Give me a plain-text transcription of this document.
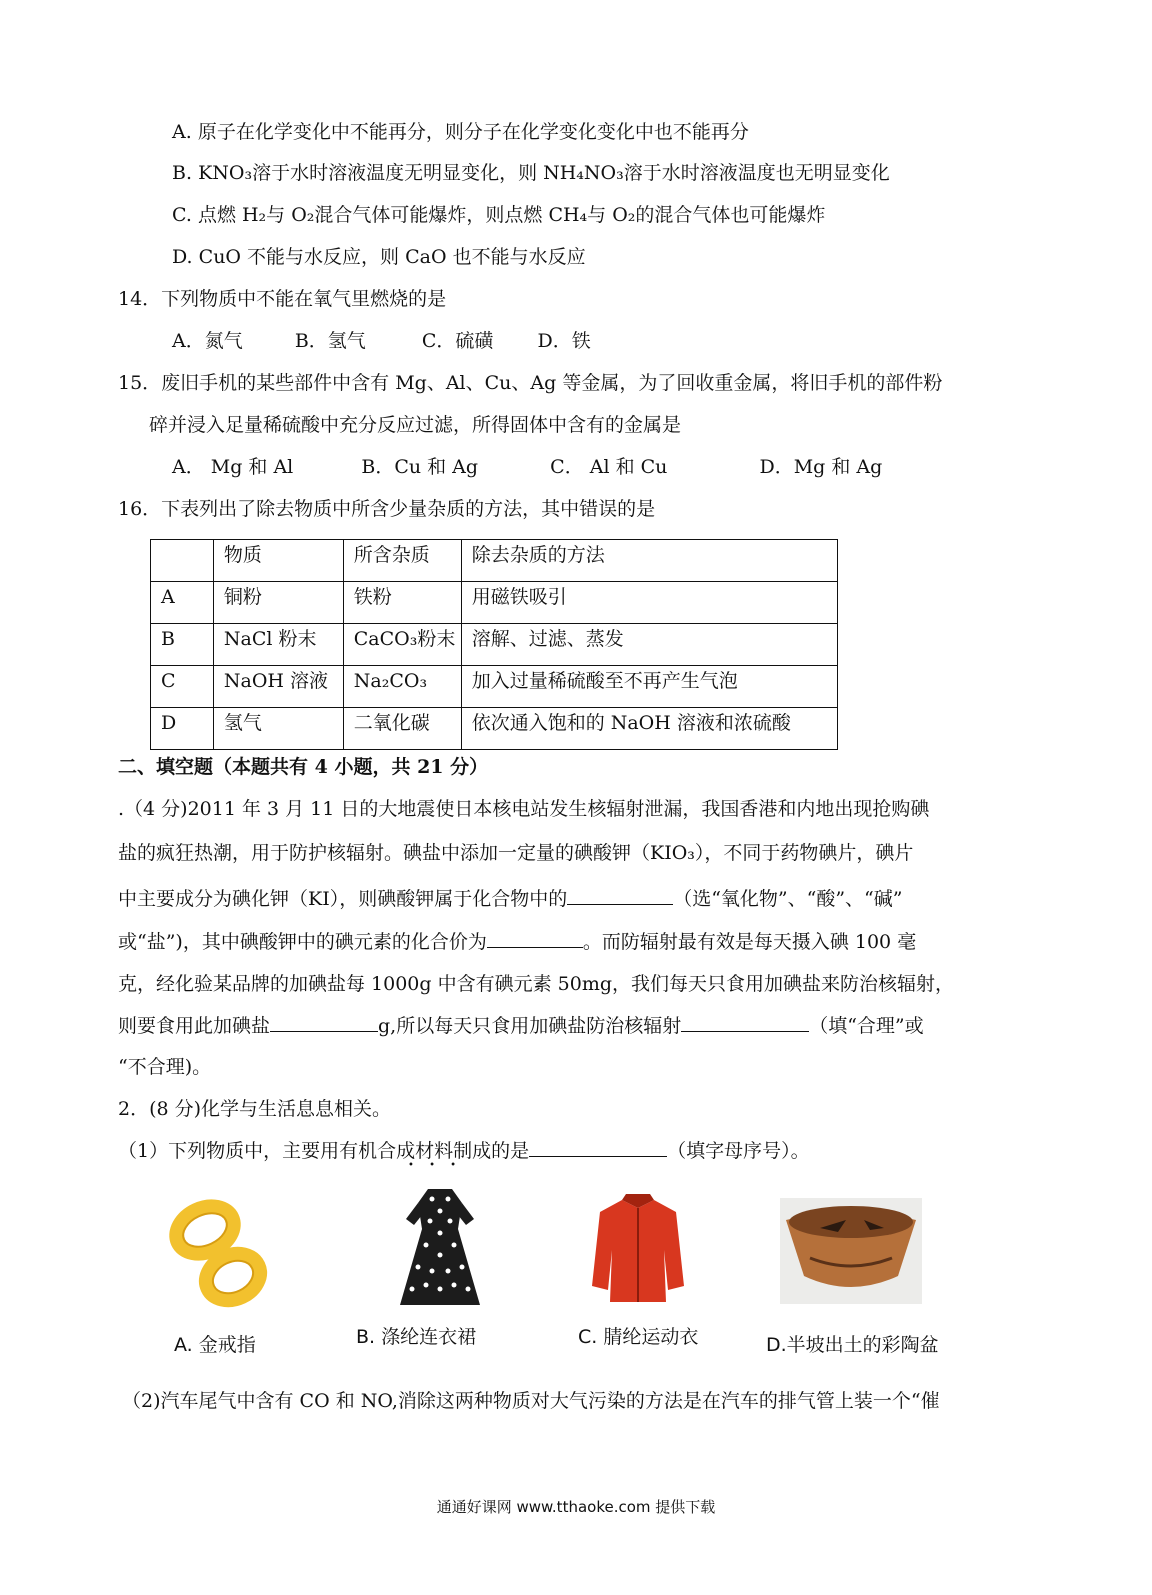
A. 原子在化学变化中不能再分，则分子在化学变化变化中也不能再分
B. KNO₃溶于水时溶液温度无明显变化，则 NH₄NO₃溶于水时溶液温度也无明显变化
C. 点燃 H₂与 O₂混合气体可能爆炸，则点燃 CH₄与 O₂的混合气体也可能爆炸
D. CuO 不能与水反应，则 CaO 也不能与水反应
14．下列物质中不能在氧气里燃烧的是
A．氮气	B．氢气	C．硫磺 D．铁
15．废旧手机的某些部件中含有 Mg、Al、Cu、Ag 等金属，为了回收重金属，将旧手机的部件粉
碎并浸入足量稀硫酸中充分反应过滤，所得固体中含有的金属是
A． Mg 和 Al	B．Cu 和 Ag	C． Al 和 Cu	D．Mg 和 Ag
16．下表列出了除去物质中所含少量杂质的方法，其中错误的是
	物质	所含杂质	除去杂质的方法
A	铜粉	铁粉	用磁铁吸引
B	NaCl 粉末	CaCO₃粉末	溶解、过滤、蒸发
C	NaOH 溶液	Na₂CO₃	加入过量稀硫酸至不再产生气泡
D	氢气	二氧化碳	依次通入饱和的 NaOH 溶液和浓硫酸
二、填空题（本题共有 4 小题，共 21 分）
.（4 分)2011 年 3 月 11 日的大地震使日本核电站发生核辐射泄漏，我国香港和内地出现抢购碘
盐的疯狂热潮，用于防护核辐射。碘盐中添加一定量的碘酸钾（KIO₃），不同于药物碘片，碘片
中主要成分为碘化钾（KI），则碘酸钾属于化合物中的	（选“氧化物”、“酸”、“碱”
或“盐”)，其中碘酸钾中的碘元素的化合价为	。而防辐射最有效是每天摄入碘 100 毫
克，经化验某品牌的加碘盐每 1000g 中含有碘元素 50mg，我们每天只食用加碘盐来防治核辐射，
则要食用此加碘盐	g,所以每天只食用加碘盐防治核辐射	（填“合理”或
“不合理)。
2．(8 分)化学与生活息息相关。
（1）下列物质中，主要用有机合成材料制成的是	（填字母序号）。
• • •
A. 金戒指	B. 涤纶连衣裙	C. 腈纶运动衣	D.半坡出土的彩陶盆
（2)汽车尾气中含有 CO 和 NO,消除这两种物质对大气污染的方法是在汽车的排气管上装一个“催
通通好课网 www.tthaoke.com 提供下载
